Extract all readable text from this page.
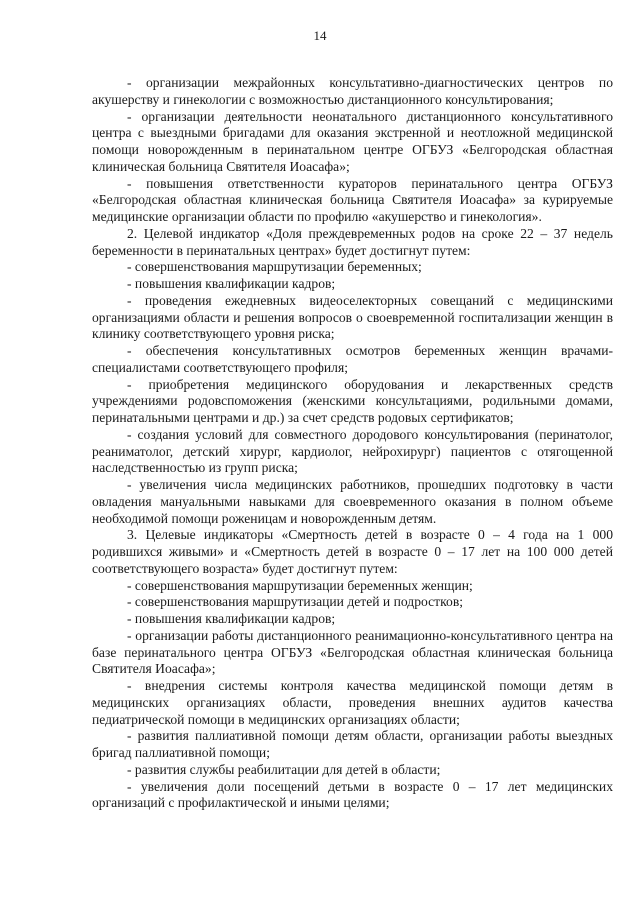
14

- организации межрайонных консультативно-диагностических центров по акушерству и гинекологии с возможностью дистанционного консультирования;

- организации деятельности неонатального дистанционного консультативного центра с выездными бригадами для оказания экстренной и неотложной медицинской помощи новорожденным в перинатальном центре ОГБУЗ «Белгородская областная клиническая больница Святителя Иоасафа»;

- повышения ответственности кураторов перинатального центра ОГБУЗ «Белгородская областная клиническая больница Святителя Иоасафа» за курируемые медицинские организации области по профилю «акушерство и гинекология».

2. Целевой индикатор «Доля преждевременных родов на сроке 22 – 37 недель беременности в перинатальных центрах» будет достигнут путем:

- совершенствования маршрутизации беременных;

- повышения квалификации кадров;

- проведения ежедневных видеоселекторных совещаний с медицинскими организациями области и решения вопросов о своевременной госпитализации женщин в клинику соответствующего уровня риска;

- обеспечения консультативных осмотров беременных женщин врачами-специалистами соответствующего профиля;

- приобретения медицинского оборудования и лекарственных средств учреждениями родовспоможения (женскими консультациями, родильными домами, перинатальными центрами и др.) за счет средств родовых сертификатов;

- создания условий для совместного дородового консультирования (перинатолог, реаниматолог, детский хирург, кардиолог, нейрохирург) пациентов с отягощенной наследственностью из групп риска;

- увеличения числа медицинских работников, прошедших подготовку в части овладения мануальными навыками для своевременного оказания в полном объеме необходимой помощи роженицам и новорожденным детям.

3. Целевые индикаторы «Смертность детей в возрасте 0 – 4 года на 1 000 родившихся живыми» и «Смертность детей в возрасте 0 – 17 лет на 100 000 детей соответствующего возраста» будет достигнут путем:

- совершенствования маршрутизации беременных женщин;

- совершенствования маршрутизации детей и подростков;

- повышения квалификации кадров;

- организации работы дистанционного реанимационно-консультативного центра на базе перинатального центра ОГБУЗ «Белгородская областная клиническая больница Святителя Иоасафа»;

- внедрения системы контроля качества медицинской помощи детям в медицинских организациях области, проведения внешних аудитов качества педиатрической помощи в медицинских организациях области;

- развития паллиативной помощи детям области, организации работы выездных бригад паллиативной помощи;

- развития службы реабилитации для детей в области;

- увеличения доли посещений детьми в возрасте 0 – 17 лет медицинских организаций с профилактической и иными целями;
